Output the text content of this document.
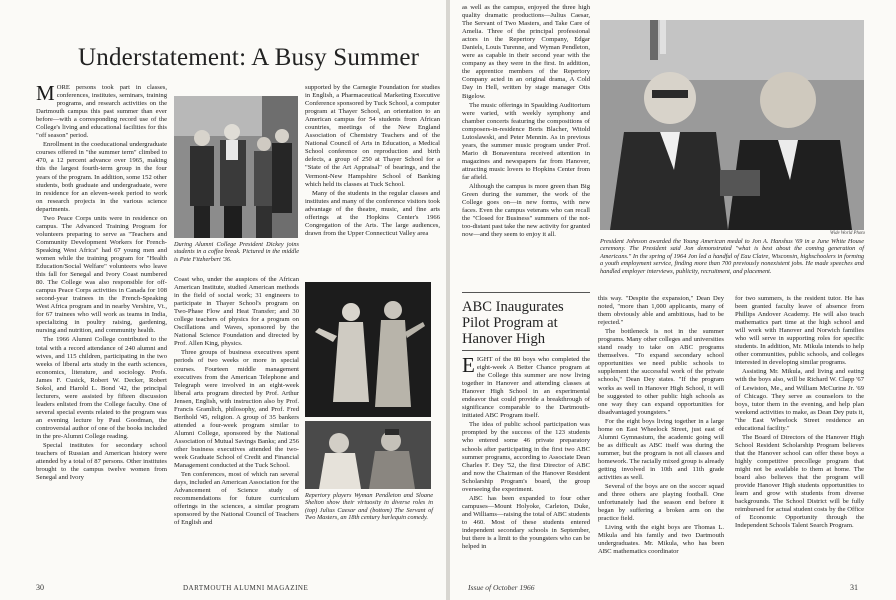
Understatement: A Busy Summer

MORE persons took part in classes, conferences, institutes, seminars, training programs, and research activities on the Dartmouth campus this past summer than ever before—with a corresponding record use of the College's living and educational facilities for this "off season" period.

Enrollment in the coeducational undergraduate courses offered in "the summer term" climbed to 470, a 12 percent advance over 1965, making this the largest fourth-term group in the four years of the program. In addition, some 152 other students, both graduate and undergraduate, were in residence for an eleven-week period to work on research projects in the various science departments.

Two Peace Corps units were in residence on campus. The Advanced Training Program for volunteers preparing to serve as "Teachers and Community Development Workers for French-Speaking West Africa" had 67 young men and women while the training program for "Health Education/Social Welfare" volunteers who leave this fall for Senegal and Ivory Coast numbered 80. The College was also responsible for off-campus Peace Corps activities in Canada for 108 second-year trainees in the French-Speaking West Africa program and in nearby Vershire, Vt., for 67 trainees who will work as teams in India, specializing in poultry raising, gardening, nursing and nutrition, and community health.

The 1966 Alumni College contributed to the total with a record attendance of 240 alumni and wives, and 115 children, participating in the two weeks of liberal arts study in the earth sciences, economics, literature, and sociology. Profs. James F. Cusick, Robert W. Decker, Robert Sokol, and Harold L. Bond '42, the principal lecturers, were assisted by fifteen discussion leaders enlisted from the College faculty. One of several special events related to the program was an evening lecture by Paul Goodman, the controversial author of one of the books included in the pre-Alumni College reading.

Special institutes for secondary school teachers of Russian and American history were attended by a total of 87 persons. Other institutes brought to the campus twelve women from Senegal and Ivory

During Alumni College President Dickey joins students in a coffee break. Pictured in the middle is Pete Fitzherbert '36.

supported by the Carnegie Foundation for studies in English, a Pharmaceutical Marketing Executive Conference sponsored by Tuck School, a computer program at Thayer School, an orientation to an American campus for 54 students from African countries, meetings of the New England Association of Chemistry Teachers and of the National Council of Arts in Education, a Medical School conference on reproduction and birth defects, a group of 250 at Thayer School for a "State of the Art Appraisal" of bearings, and the Vermont-New Hampshire School of Banking which held its classes at Tuck School.

Many of the students in the regular classes and institutes and many of the conference visitors took advantage of the theatre, music, and fine arts offerings at the Hopkins Center's 1966 Congregation of the Arts. The large audiences, drawn from the Upper Connecticut Valley area

Coast who, under the auspices of the African American Institute, studied American methods in the field of social work; 31 engineers to participate in Thayer School's program on Two-Phase Flow and Heat Transfer; and 30 college teachers of physics for a program on Oscillations and Waves, sponsored by the National Science Foundation and directed by Prof. Allen King, physics.

Three groups of business executives spent periods of two weeks or more in special courses. Fourteen middle management executives from the American Telephone and Telegraph were involved in an eight-week liberal arts program directed by Prof. Arthur Jensen, English, with instruction also by Prof. Francis Gramlich, philosophy, and Prof. Fred Berthold '45, religion. A group of 35 bankers attended a four-week program similar to Alumni College, sponsored by the National Association of Mutual Savings Banks; and 256 other business executives attended the two-week Graduate School of Credit and Financial Management conducted at the Tuck School.

Ten conferences, most of which ran several days, included an American Association for the Advancement of Science study of recommendations for future curriculum offerings in the sciences, a similar program sponsored by the National Council of Teachers of English and

Repertory players Wyman Pendleton and Sloane Shelton show their virtuosity in diverse roles in (top) Julius Caesar and (bottom) The Servant of Two Masters, an 18th century harlequin comedy.
30	DARTMOUTH ALUMNI MAGAZINE

as well as the campus, enjoyed the three high quality dramatic productions—Julius Caesar, The Servant of Two Masters, and Take Care of Amelia. Three of the principal professional actors in the Repertory Company, Edgar Daniels, Louis Turenne, and Wyman Pendleton, were as capable in their second year with the company as they were in the first. In addition, the apprentice members of the Repertory Company acted in an original drama, A Cold Day in Hell, written by stage manager Otis Bigelow.

The music offerings in Spaulding Auditorium were varied, with weekly symphony and chamber concerts featuring the compositions of composers-in-residence Boris Blacher, Witold Lutoslawski, and Peter Mennin. As in previous years, the summer music program under Prof. Mario di Bonaventura received attention in magazines and newspapers far from Hanover, attracting music lovers to Hopkins Center from far afield.

Although the campus is more green than Big Green during the summer, the work of the College goes on—in new forms, with new faces. Even the campus veterans who can recall the "Closed for Business" summers of the not-too-distant past take the new activity for granted now—and they seem to enjoy it all.	Wide World Photo
President Johnson awarded the Young American medal to Jon A. Hanshus '69 in a June White House ceremony. The President said Jon demonstrated "what is best about the coming generation of Americans." In the spring of 1964 Jon led a handful of Eau Claire, Wisconsin, highschoolers in forming a youth employment service, finding more than 700 previously nonexistent jobs. He made speeches and handled employer interviews, publicity, recruitment, and placement.
ABC Inaugurates Pilot Program at Hanover High

EIGHT of the 80 boys who completed the eight-week A Better Chance program at the College this summer are now living together in Hanover and attending classes at Hanover High School in an experimental endeavor that could provide a breakthrough of significance comparable to the Dartmouth-initiated ABC Program itself.

The idea of public school participation was prompted by the success of the 123 students who entered some 46 private preparatory schools after participating in the first two ABC summer programs, according to Associate Dean Charles F. Dey '52, the first Director of ABC and now the Chairman of the Hanover Resident Scholarship Program's board, the group overseeing the experiment.

ABC has been expanded to four other campuses—Mount Holyoke, Carleton, Duke, and Williams—raising the total of ABC students to 460. Most of these students entered independent secondary schools in September, but there is a limit to the youngsters who can be helped in

this way. "Despite the expansion," Dean Dey noted, "more than 1,000 applicants, many of them obviously able and ambitious, had to be rejected."

The bottleneck is not in the summer programs. Many other colleges and universities stand ready to take on ABC programs themselves. "To expand secondary school opportunities we need public schools to supplement the successful work of the private schools," Dean Dey states. "If the program works as well in Hanover High School, it will be suggested to other public high schools as one way they can expand opportunities for disadvantaged youngsters."

For the eight boys living together in a large home on East Wheelock Street, just east of Alumni Gymnasium, the academic going will be as difficult as ABC itself was during the summer, but the program is not all classes and homework. The racially mixed group is already getting involved in 10th and 11th grade activities as well.

Several of the boys are on the soccer squad and three others are playing football. One unfortunately had the season end before it began by suffering a broken arm on the practice field.

Living with the eight boys are Thomas L. Mikula and his family and two Dartmouth undergraduates. Mr. Mikula, who has been ABC mathematics coordinator

for two summers, is the resident tutor. He has been granted faculty leave of absence from Phillips Andover Academy. He will also teach mathematics part time at the high school and will work with Hanover and Norwich families who will serve in supporting roles for specific students. In addition, Mr. Mikula intends to help other communities, public schools, and colleges interested in developing similar programs.

Assisting Mr. Mikula, and living and eating with the boys also, will be Richard W. Clapp '67 of Lewiston, Me., and William McCurine Jr. '69 of Chicago. They serve as counselors to the boys, tutor them in the evening, and help plan weekend activities to make, as Dean Dey puts it, "the East Wheelock Street residence an educational facility."

The Board of Directors of the Hanover High School Resident Scholarship Program believes that the Hanover school can offer these boys a highly competitive precollege program that might not be available to them at home. The board also believes that the program will provide Hanover High students opportunities to learn and grow with students from diverse backgrounds. The School District will be fully reimbursed for actual student costs by the Office of Economic Opportunity through the Independent Schools Talent Search Program.

Issue of October 1966	31
